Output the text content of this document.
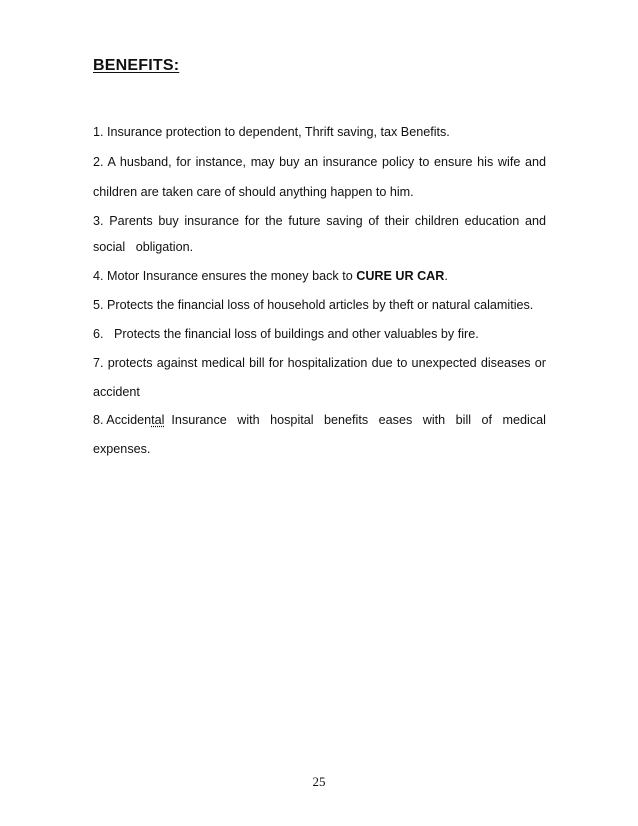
BENEFITS:

1. Insurance protection to dependent, Thrift saving, tax Benefits.

2. A husband, for instance, may buy an insurance policy to ensure his wife and

children are taken care of should anything happen to him.

3. Parents buy insurance for the future saving of their children education and

social   obligation.

4. Motor Insurance ensures the money back to CURE UR CAR.

5. Protects the financial loss of household articles by theft or natural calamities.

6.   Protects the financial loss of buildings and other valuables by fire.

7. protects against medical bill for hospitalization due to unexpected diseases or

accident

8. Accidental  Insurance   with   hospital   benefits   eases   with   bill   of   medical

expenses.

25
